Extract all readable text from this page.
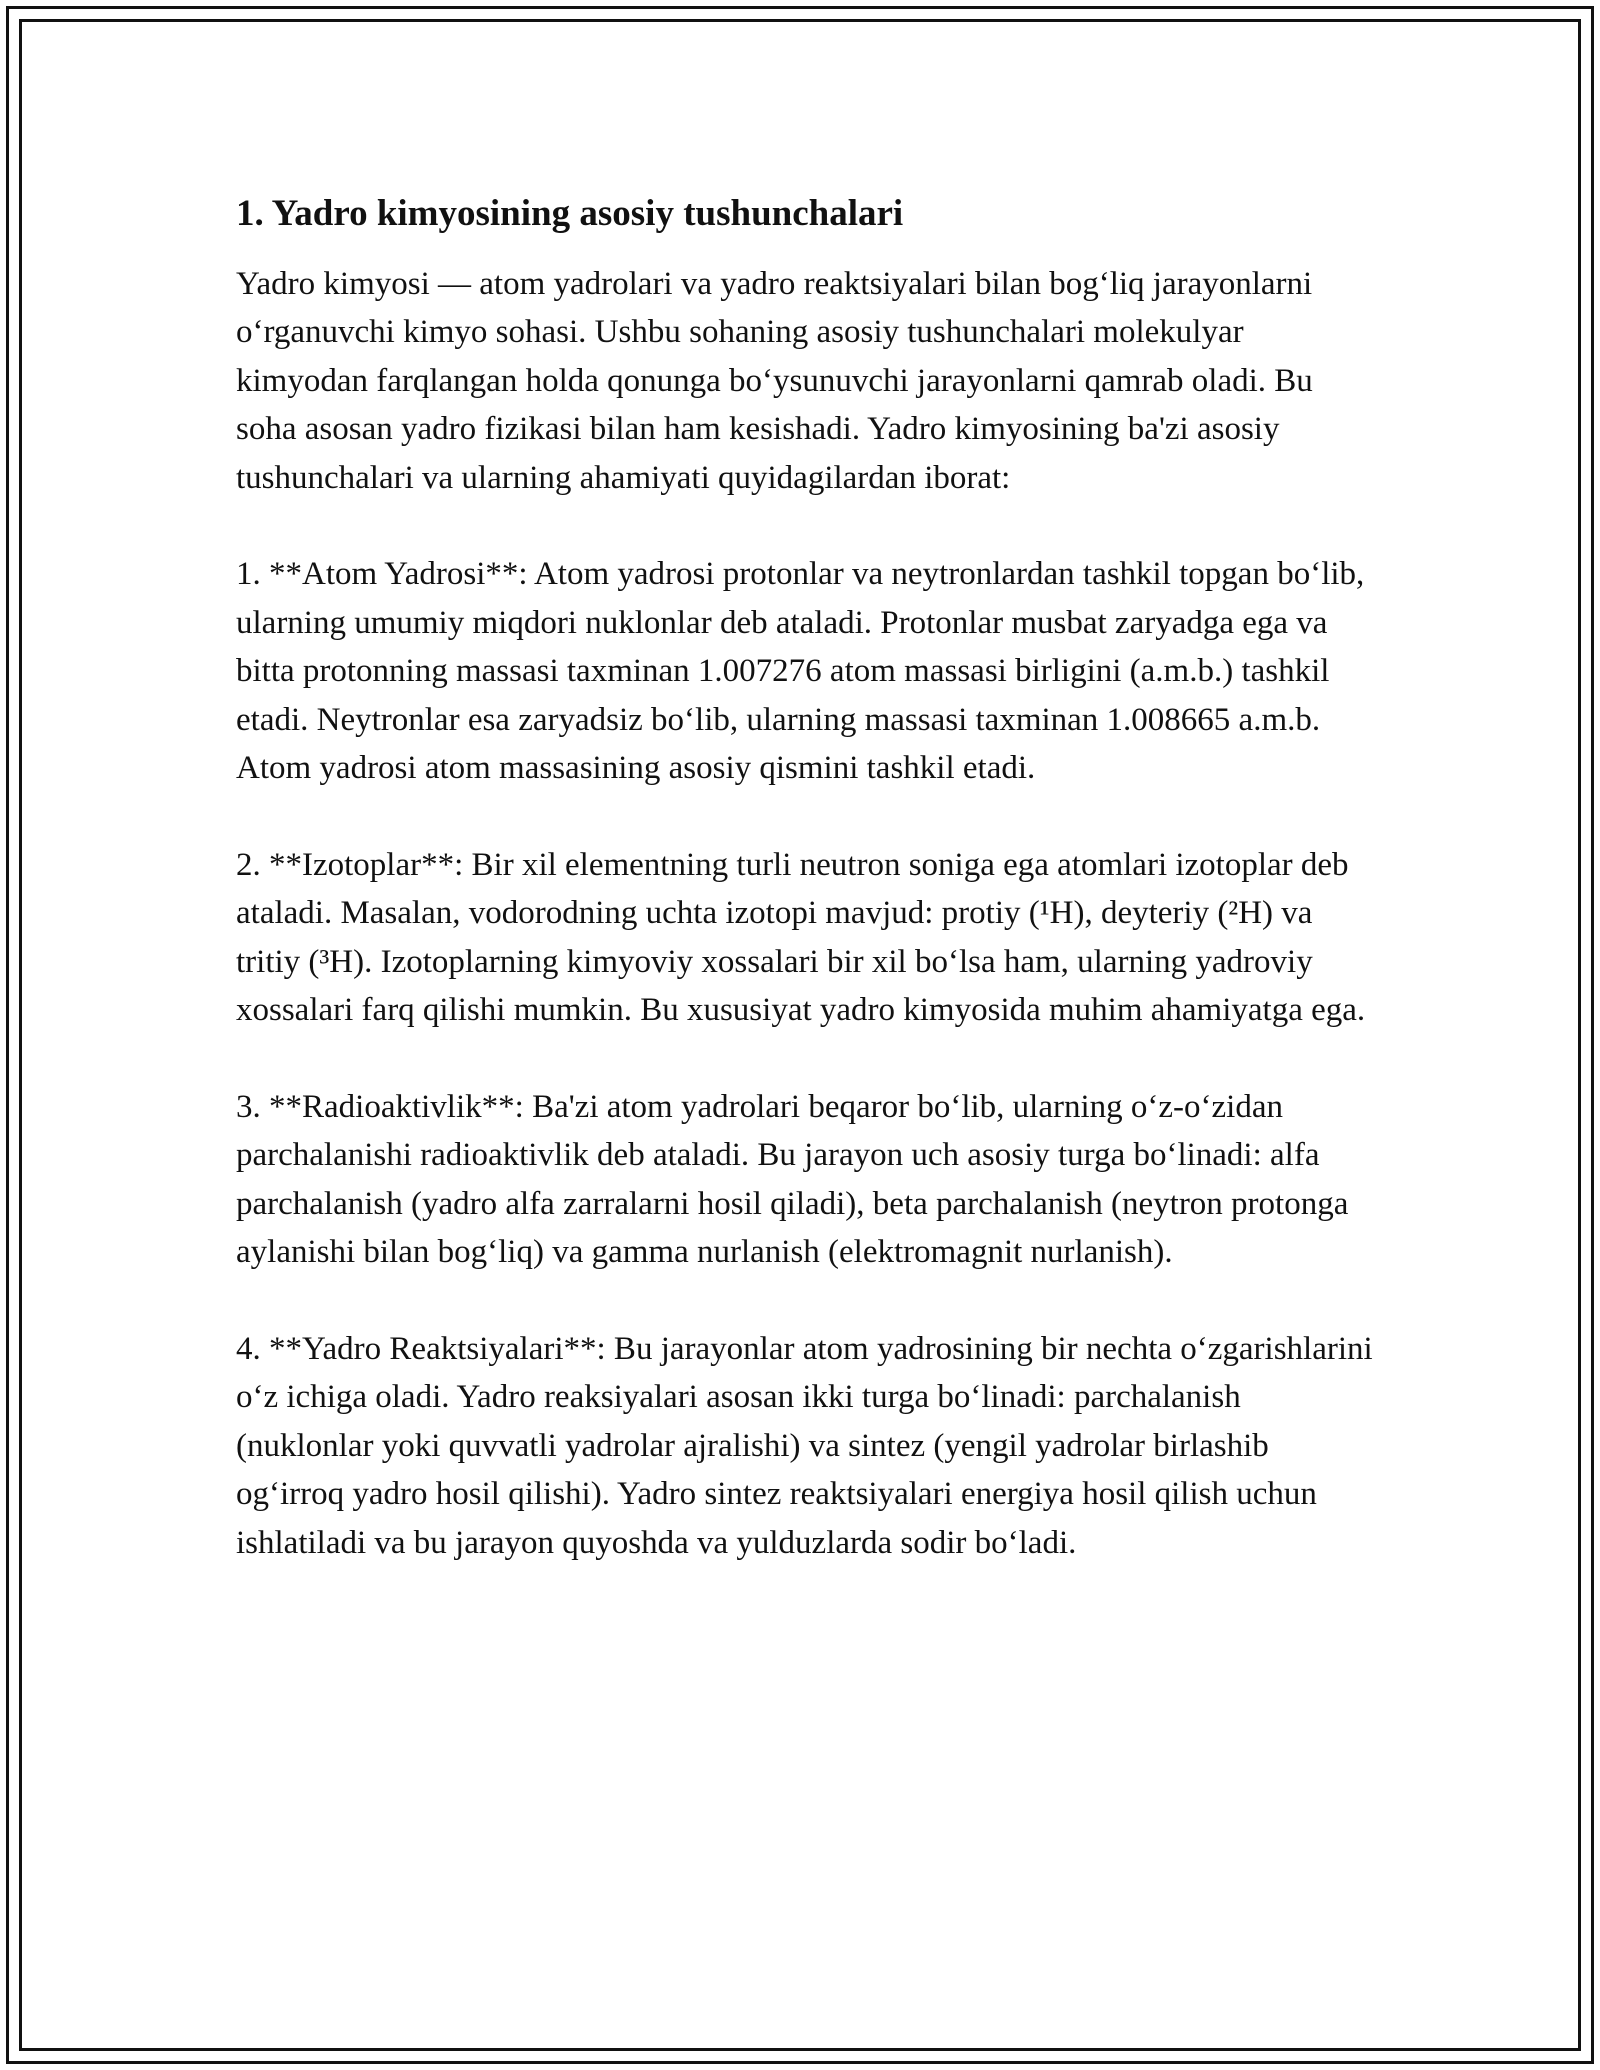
1. Yadro kimyosining asosiy tushunchalari

Yadro kimyosi — atom yadrolari va yadro reaktsiyalari bilan bog‘liq jarayonlarni o‘rganuvchi kimyo sohasi. Ushbu sohaning asosiy tushunchalari molekulyar kimyodan farqlangan holda qonunga bo‘ysunuvchi jarayonlarni qamrab oladi. Bu soha asosan yadro fizikasi bilan ham kesishadi. Yadro kimyosining ba'zi asosiy tushunchalari va ularning ahamiyati quyidagilardan iborat:

1. **Atom Yadrosi**: Atom yadrosi protonlar va neytronlardan tashkil topgan bo‘lib, ularning umumiy miqdori nuklonlar deb ataladi. Protonlar musbat zaryadga ega va bitta protonning massasi taxminan 1.007276 atom massasi birligini (a.m.b.) tashkil etadi. Neytronlar esa zaryadsiz bo‘lib, ularning massasi taxminan 1.008665 a.m.b. Atom yadrosi atom massasining asosiy qismini tashkil etadi.

2. **Izotoplar**: Bir xil elementning turli neutron soniga ega atomlari izotoplar deb ataladi. Masalan, vodorodning uchta izotopi mavjud: protiy (¹H), deyteriy (²H) va tritiy (³H). Izotoplarning kimyoviy xossalari bir xil bo‘lsa ham, ularning yadroviy xossalari farq qilishi mumkin. Bu xususiyat yadro kimyosida muhim ahamiyatga ega.

3. **Radioaktivlik**: Ba'zi atom yadrolari beqaror bo‘lib, ularning o‘z-o‘zidan parchalanishi radioaktivlik deb ataladi. Bu jarayon uch asosiy turga bo‘linadi: alfa parchalanish (yadro alfa zarralarni hosil qiladi), beta parchalanish (neytron protonga aylanishi bilan bog‘liq) va gamma nurlanish (elektromagnit nurlanish).

4. **Yadro Reaktsiyalari**: Bu jarayonlar atom yadrosining bir nechta o‘zgarishlarini o‘z ichiga oladi. Yadro reaksiyalari asosan ikki turga bo‘linadi: parchalanish (nuklonlar yoki quvvatli yadrolar ajralishi) va sintez (yengil yadrolar birlashib og‘irroq yadro hosil qilishi). Yadro sintez reaktsiyalari energiya hosil qilish uchun ishlatiladi va bu jarayon quyoshda va yulduzlarda sodir bo‘ladi.
